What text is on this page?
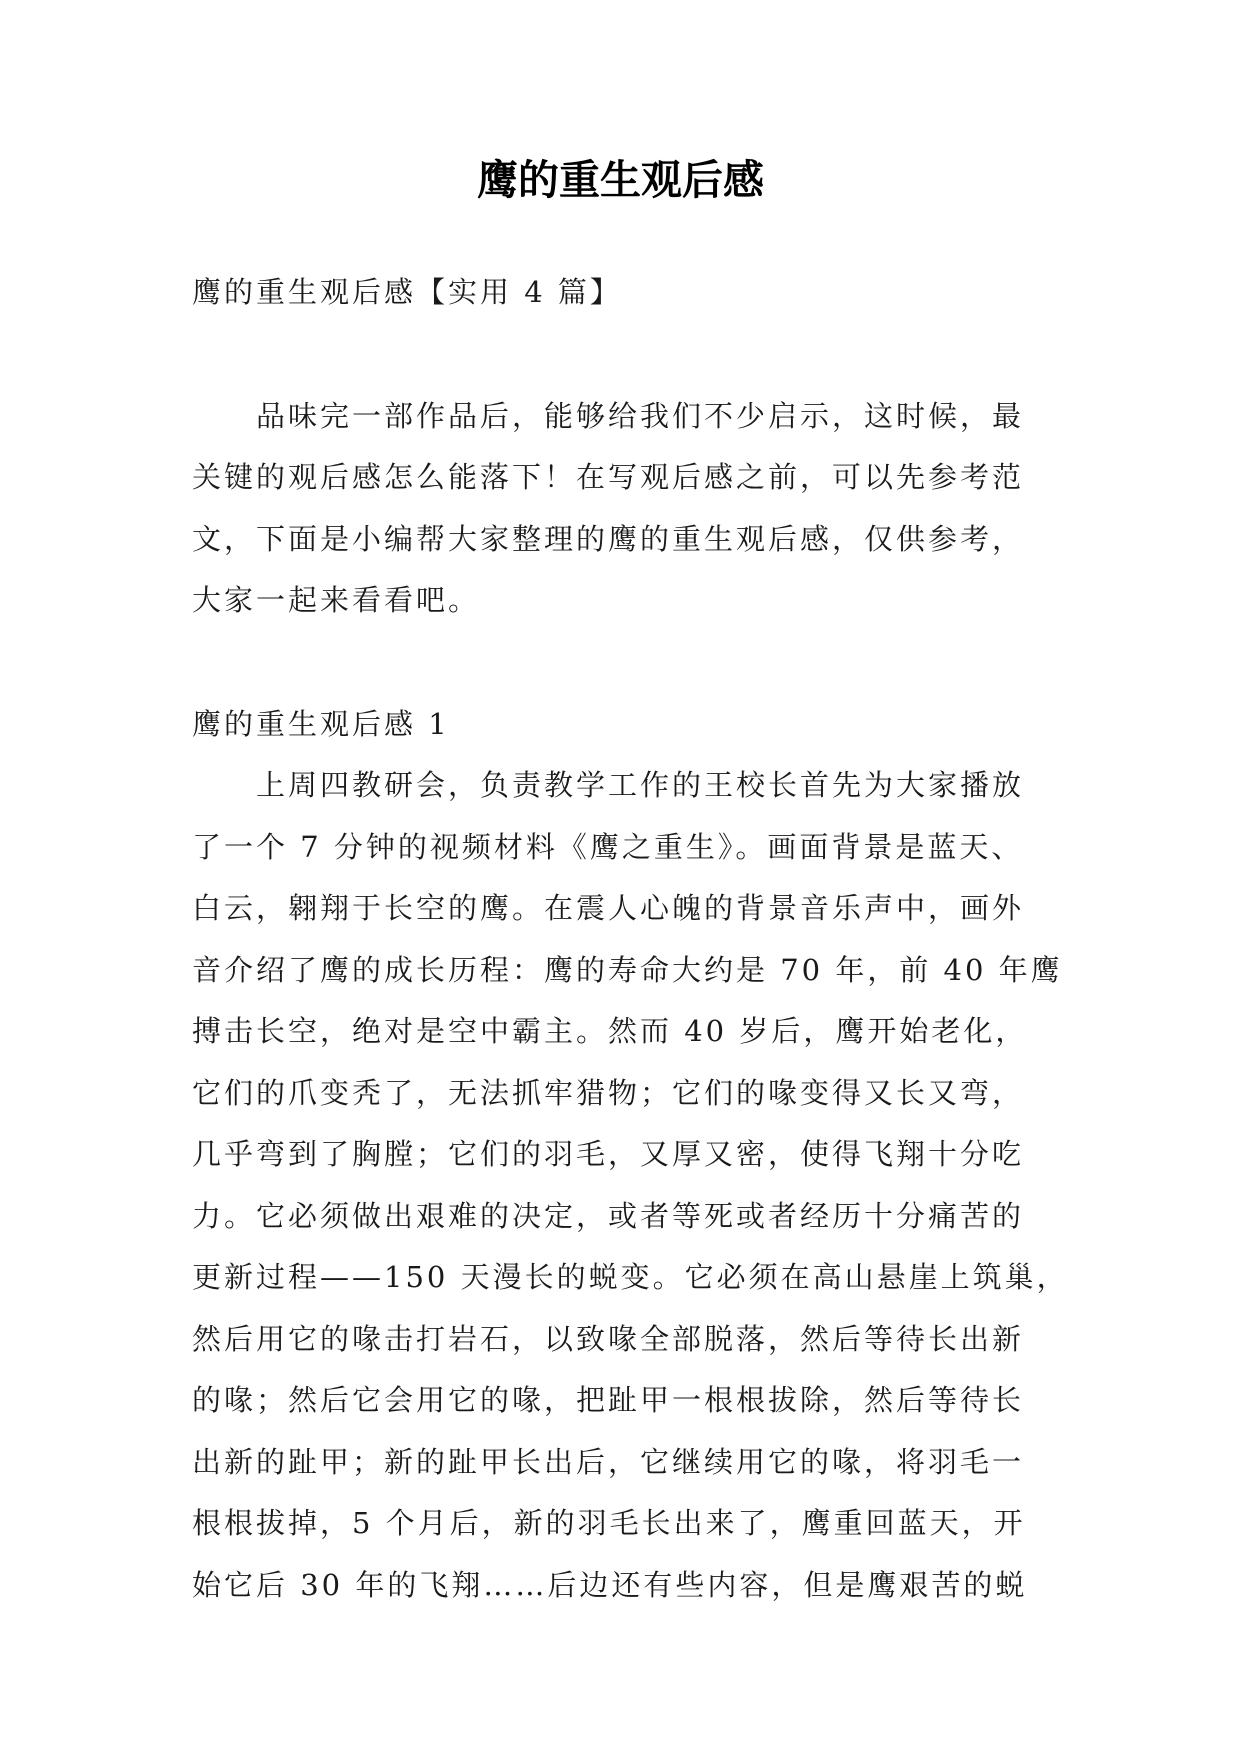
鹰的重生观后感

鹰的重生观后感【实用 4 篇】

品味完一部作品后，能够给我们不少启示，这时候，最
关键的观后感怎么能落下！在写观后感之前，可以先参考范
文，下面是小编帮大家整理的鹰的重生观后感，仅供参考，
大家一起来看看吧。

鹰的重生观后感 1

上周四教研会，负责教学工作的王校长首先为大家播放
了一个 7 分钟的视频材料《鹰之重生》。画面背景是蓝天、
白云，翱翔于长空的鹰。在震人心魄的背景音乐声中，画外
音介绍了鹰的成长历程：鹰的寿命大约是 70 年，前 40 年鹰
搏击长空，绝对是空中霸主。然而 40 岁后，鹰开始老化，
它们的爪变秃了，无法抓牢猎物；它们的喙变得又长又弯，
几乎弯到了胸膛；它们的羽毛，又厚又密，使得飞翔十分吃
力。它必须做出艰难的决定，或者等死或者经历十分痛苦的
更新过程——150 天漫长的蜕变。它必须在高山悬崖上筑巢，
然后用它的喙击打岩石，以致喙全部脱落，然后等待长出新
的喙；然后它会用它的喙，把趾甲一根根拔除，然后等待长
出新的趾甲；新的趾甲长出后，它继续用它的喙，将羽毛一
根根拔掉，5 个月后，新的羽毛长出来了，鹰重回蓝天，开
始它后 30 年的飞翔……后边还有些内容，但是鹰艰苦的蜕
